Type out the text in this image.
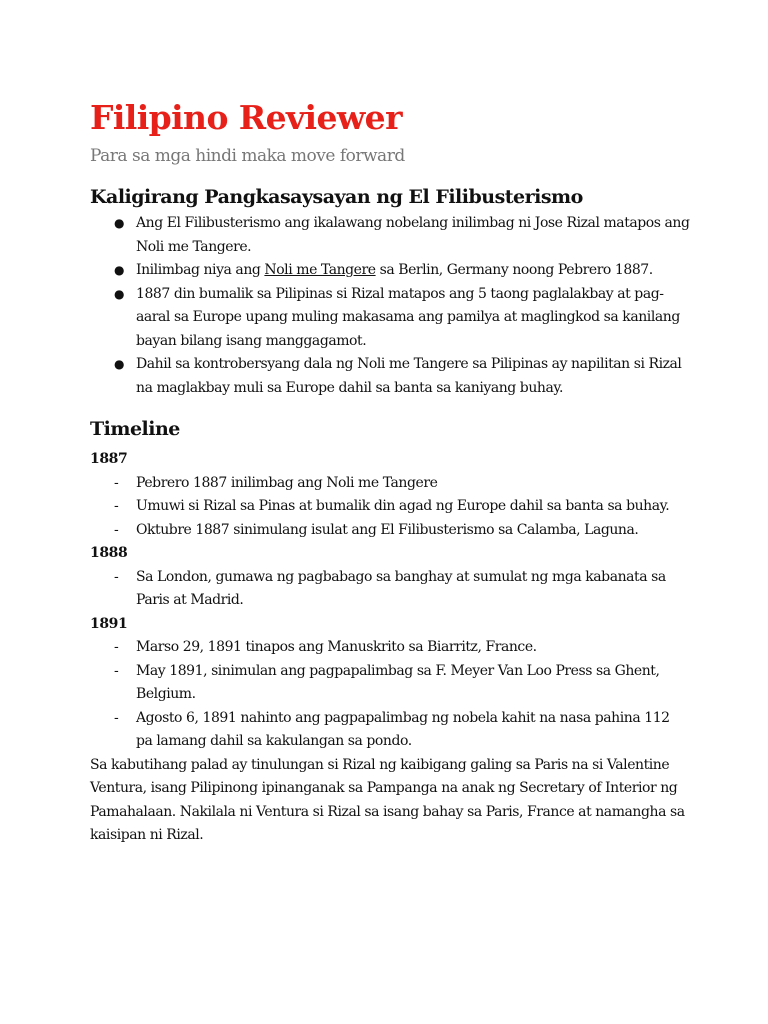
Filipino Reviewer

Para sa mga hindi maka move forward

Kaligirang Pangkasaysayan ng El Filibusterismo
● Ang El Filibusterismo ang ikalawang nobelang inilimbag ni Jose Rizal matapos ang Noli me Tangere.
● Inilimbag niya ang Noli me Tangere sa Berlin, Germany noong Pebrero 1887.
● 1887 din bumalik sa Pilipinas si Rizal matapos ang 5 taong paglalakbay at pag-aaral sa Europe upang muling makasama ang pamilya at maglingkod sa kanilang bayan bilang isang manggagamot.
● Dahil sa kontrobersyang dala ng Noli me Tangere sa Pilipinas ay napilitan si Rizal na maglakbay muli sa Europe dahil sa banta sa kaniyang buhay.
Timeline

1887

- Pebrero 1887 inilimbag ang Noli me Tangere
- Umuwi si Rizal sa Pinas at bumalik din agad ng Europe dahil sa banta sa buhay.
- Oktubre 1887 sinimulang isulat ang El Filibusterismo sa Calamba, Laguna.

1888

- Sa London, gumawa ng pagbabago sa banghay at sumulat ng mga kabanata sa Paris at Madrid.

1891

- Marso 29, 1891 tinapos ang Manuskrito sa Biarritz, France.
- May 1891, sinimulan ang pagpapalimbag sa F. Meyer Van Loo Press sa Ghent, Belgium.
- Agosto 6, 1891 nahinto ang pagpapalimbag ng nobela kahit na nasa pahina 112 pa lamang dahil sa kakulangan sa pondo.

Sa kabutihang palad ay tinulungan si Rizal ng kaibigang galing sa Paris na si Valentine Ventura, isang Pilipinong ipinanganak sa Pampanga na anak ng Secretary of Interior ng Pamahalaan. Nakilala ni Ventura si Rizal sa isang bahay sa Paris, France at namangha sa kaisipan ni Rizal.
